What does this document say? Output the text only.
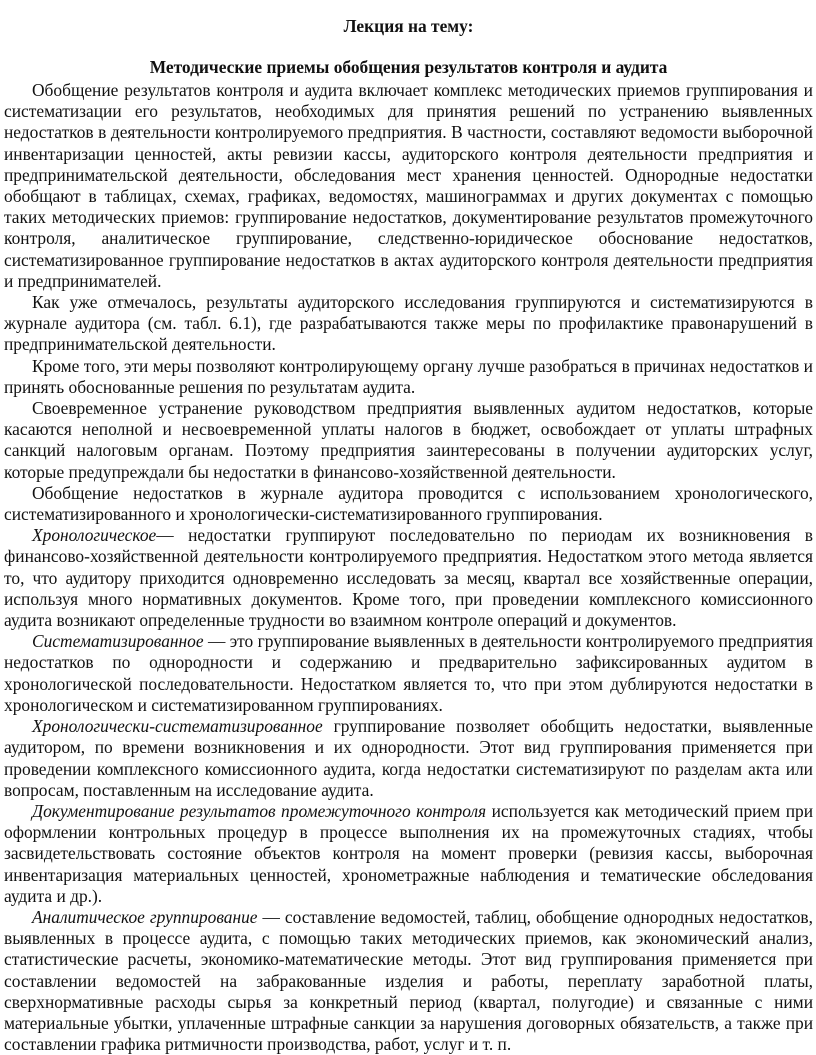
Лекция на тему:
Методические приемы обобщения результатов контроля и аудита

Обобщение результатов контроля и аудита включает комплекс методических приемов группирования и систематизации его результатов, необходимых для принятия решений по устранению выявленных недостатков в деятельности контролируемого предприятия. В частности, составляют ведомости выборочной инвентаризации ценностей, акты ревизии кассы, аудиторского контроля деятельности предприятия и предпринимательской деятельности, обследования мест хранения ценностей. Однородные недостатки обобщают в таблицах, схемах, графиках, ведомостях, машинограммах и других документах с помощью таких методических приемов: группирование недостатков, документирование результатов промежуточного контроля, аналитическое группирование, следственно-юридическое обоснование недостатков, систематизированное группирование недостатков в актах аудиторского контроля деятельности предприятия и предпринимателей.

Как уже отмечалось, результаты аудиторского исследования группируются и систематизируются в журнале аудитора (см. табл. 6.1), где разрабатываются также меры по профилактике правонарушений в предпринимательской деятельности.

Кроме того, эти меры позволяют контролирующему органу лучше разобраться в причинах недостатков и принять обоснованные решения по результатам аудита.

Своевременное устранение руководством предприятия выявленных аудитом недостатков, которые касаются неполной и несвоевременной уплаты налогов в бюджет, освобождает от уплаты штрафных санкций налоговым органам. Поэтому предприятия заинтересованы в получении аудиторских услуг, которые предупреждали бы недостатки в финансово-хозяйственной деятельности.

Обобщение недостатков в журнале аудитора проводится с использованием хронологического, систематизированного и хронологически-систематизированного группирования.

Хронологическое— недостатки группируют последовательно по периодам их возникновения в финансово-хозяйственной деятельности контролируемого предприятия. Недостатком этого метода является то, что аудитору приходится одновременно исследовать за месяц, квартал все хозяйственные операции, используя много нормативных документов. Кроме того, при проведении комплексного комиссионного аудита возникают определенные трудности во взаимном контроле операций и документов.

Систематизированное — это группирование выявленных в деятельности контролируемого предприятия недостатков по однородности и содержанию и предварительно зафиксированных аудитом в хронологической последовательности. Недостатком является то, что при этом дублируются недостатки в хронологическом и систематизированном группированиях.

Хронологически-систематизированное группирование позволяет обобщить недостатки, выявленные аудитором, по времени возникновения и их однородности. Этот вид группирования применяется при проведении комплексного комиссионного аудита, когда недостатки систематизируют по разделам акта или вопросам, поставленным на исследование аудита.

Документирование результатов промежуточного контроля используется как методический прием при оформлении контрольных процедур в процессе выполнения их на промежуточных стадиях, чтобы засвидетельствовать состояние объектов контроля на момент проверки (ревизия кассы, выборочная инвентаризация материальных ценностей, хронометражные наблюдения и тематические обследования аудита и др.).

Аналитическое группирование — составление ведомостей, таблиц, обобщение однородных недостатков, выявленных в процессе аудита, с помощью таких методических приемов, как экономический анализ, статистические расчеты, экономико-математические методы. Этот вид группирования применяется при составлении ведомостей на забракованные изделия и работы, переплату заработной платы, сверхнормативные расходы сырья за конкретный период (квартал, полугодие) и связанные с ними материальные убытки, уплаченные штрафные санкции за нарушения договорных обязательств, а также при составлении графика ритмичности производства, работ, услуг и т. п.
